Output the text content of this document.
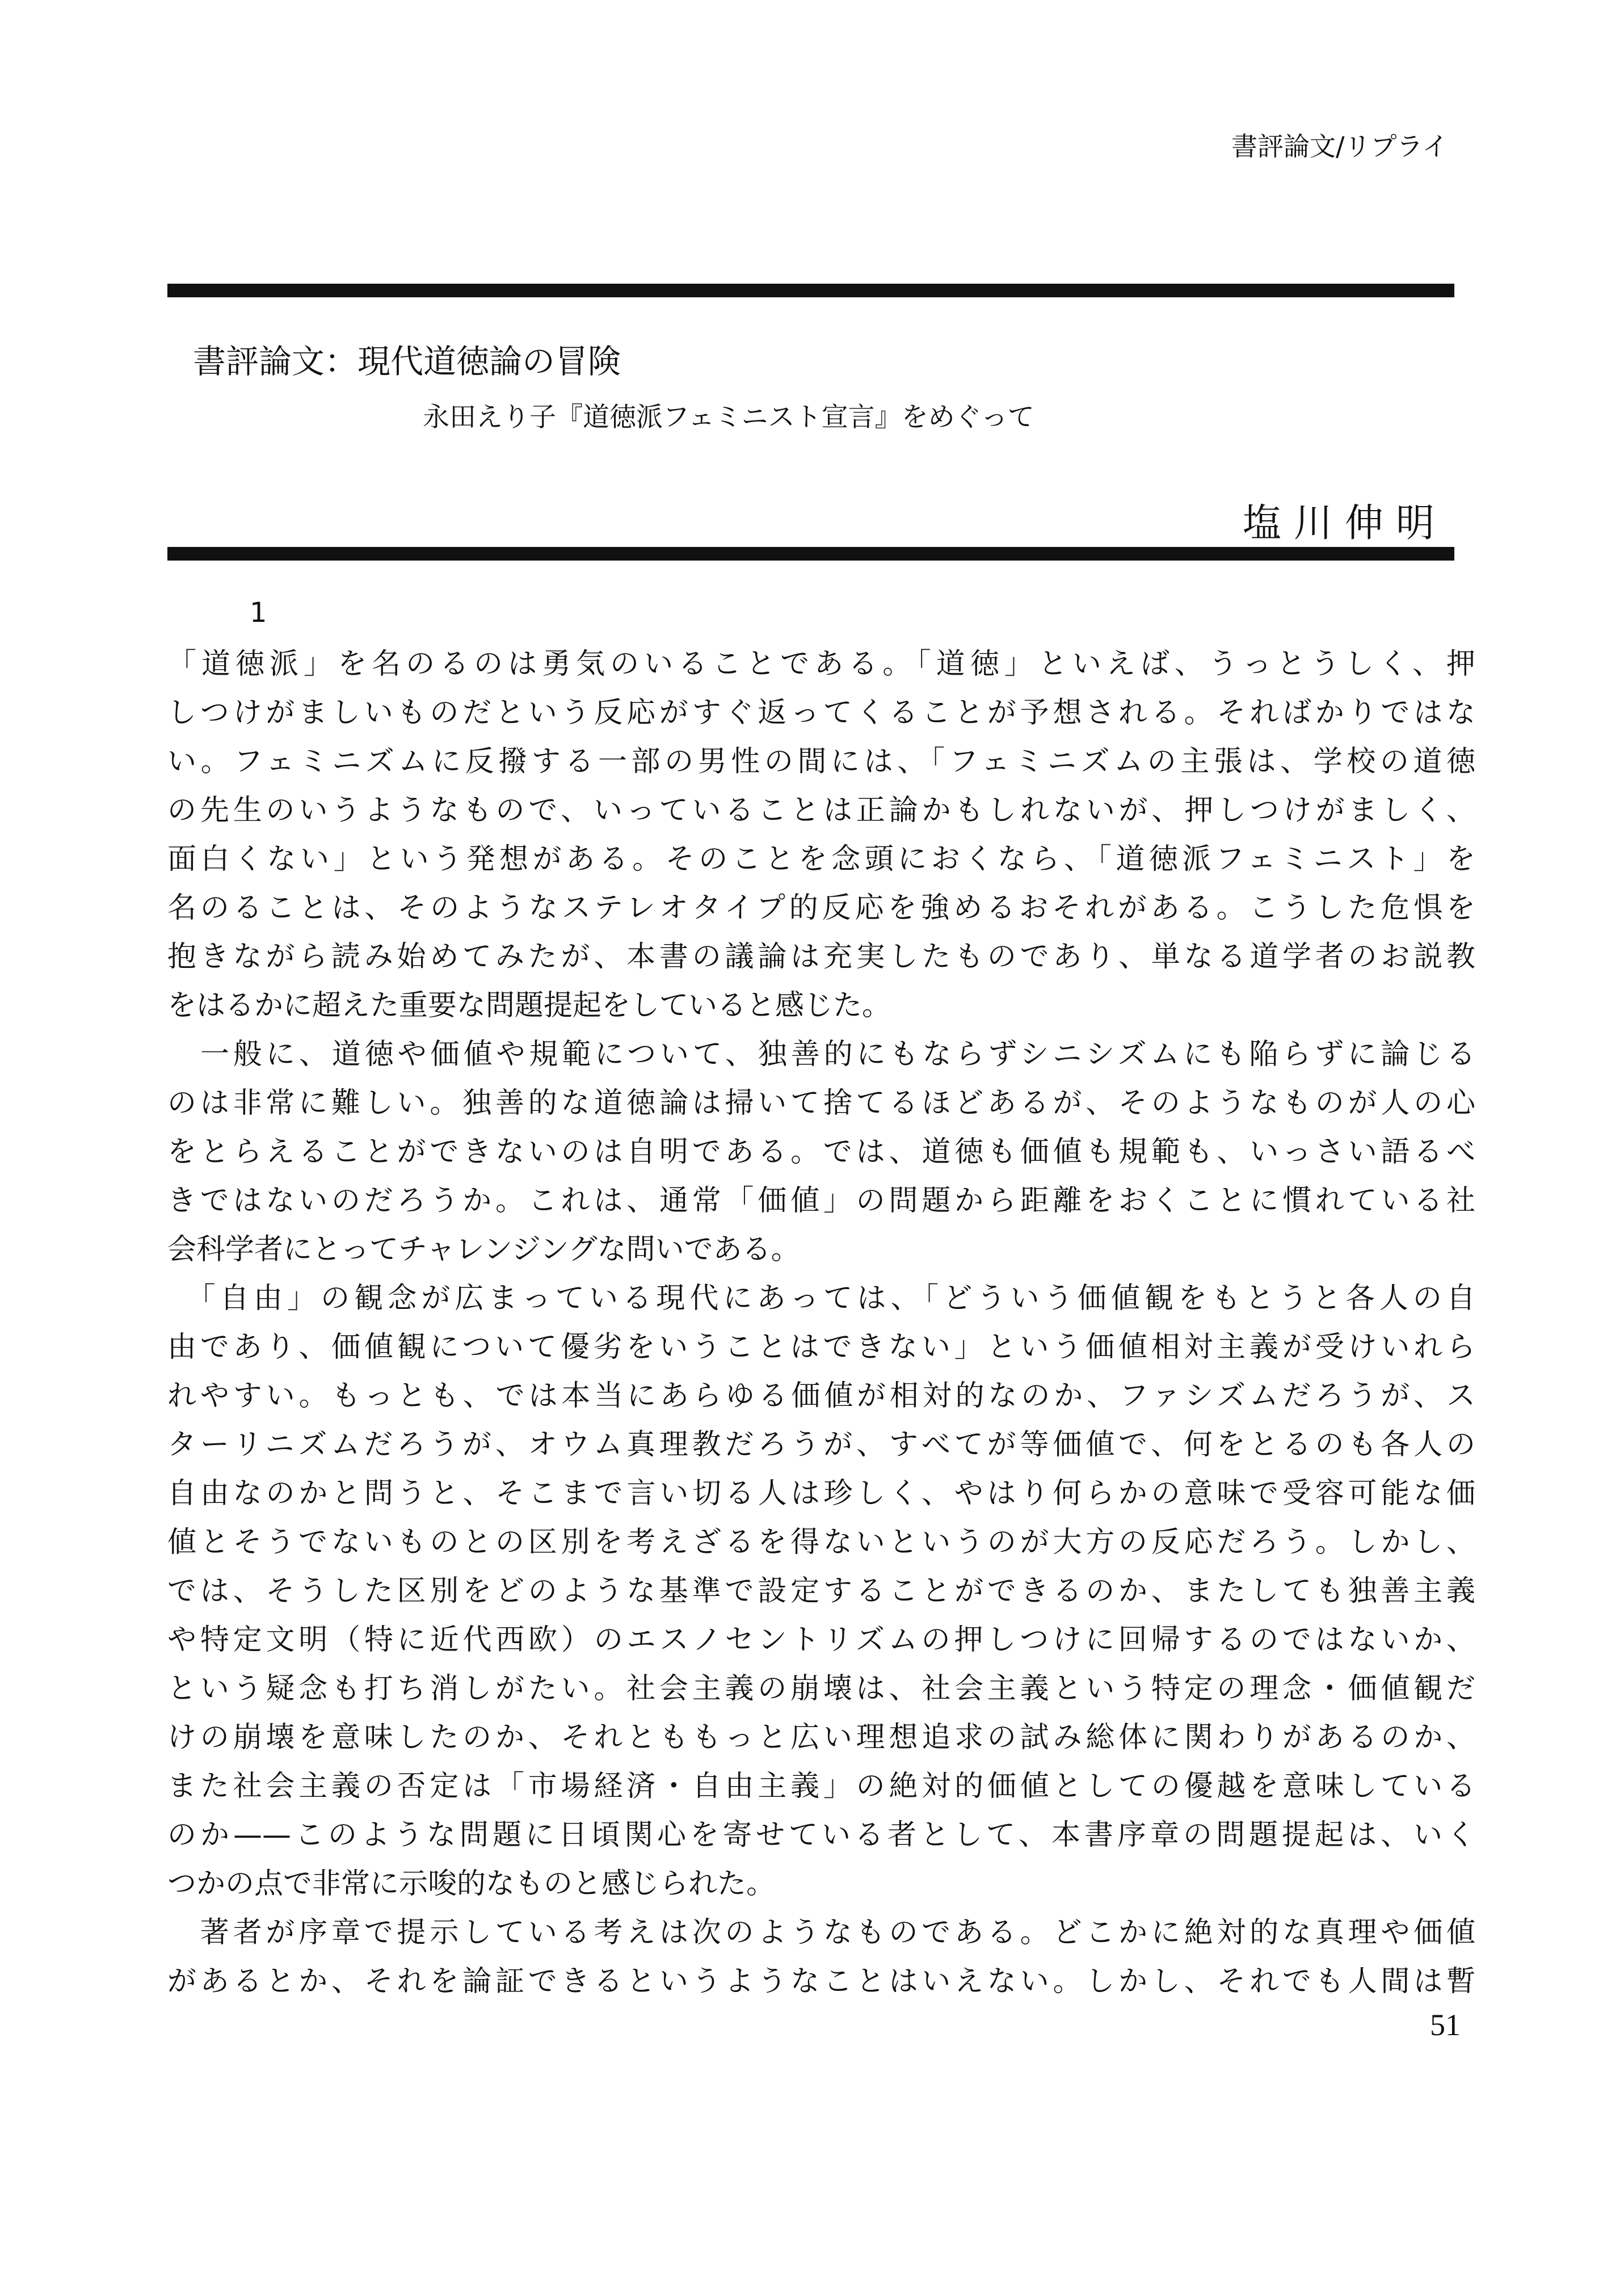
書評論文/リプライ
書評論文：現代道徳論の冒険
永田えり子『道徳派フェミニスト宣言』をめぐって
塩川伸明
1
「道徳派」を名のるのは勇気のいることである。「道徳」といえば、うっとうしく、押
しつけがましいものだという反応がすぐ返ってくることが予想される。そればかりではな
い。フェミニズムに反撥する一部の男性の間には、「フェミニズムの主張は、学校の道徳
の先生のいうようなもので、いっていることは正論かもしれないが、押しつけがましく、
面白くない」という発想がある。そのことを念頭におくなら、「道徳派フェミニスト」を
名のることは、そのようなステレオタイプ的反応を強めるおそれがある。こうした危惧を
抱きながら読み始めてみたが、本書の議論は充実したものであり、単なる道学者のお説教
をはるかに超えた重要な問題提起をしていると感じた。
　一般に、道徳や価値や規範について、独善的にもならずシニシズムにも陥らずに論じる
のは非常に難しい。独善的な道徳論は掃いて捨てるほどあるが、そのようなものが人の心
をとらえることができないのは自明である。では、道徳も価値も規範も、いっさい語るべ
きではないのだろうか。これは、通常「価値」の問題から距離をおくことに慣れている社
会科学者にとってチャレンジングな問いである。
　「自由」の観念が広まっている現代にあっては、「どういう価値観をもとうと各人の自
由であり、価値観について優劣をいうことはできない」という価値相対主義が受けいれら
れやすい。もっとも、では本当にあらゆる価値が相対的なのか、ファシズムだろうが、ス
ターリニズムだろうが、オウム真理教だろうが、すべてが等価値で、何をとるのも各人の
自由なのかと問うと、そこまで言い切る人は珍しく、やはり何らかの意味で受容可能な価
値とそうでないものとの区別を考えざるを得ないというのが大方の反応だろう。しかし、
では、そうした区別をどのような基準で設定することができるのか、またしても独善主義
や特定文明（特に近代西欧）のエスノセントリズムの押しつけに回帰するのではないか、
という疑念も打ち消しがたい。社会主義の崩壊は、社会主義という特定の理念・価値観だ
けの崩壊を意味したのか、それとももっと広い理想追求の試み総体に関わりがあるのか、
また社会主義の否定は「市場経済・自由主義」の絶対的価値としての優越を意味している
のか——このような問題に日頃関心を寄せている者として、本書序章の問題提起は、いく
つかの点で非常に示唆的なものと感じられた。
　著者が序章で提示している考えは次のようなものである。どこかに絶対的な真理や価値
があるとか、それを論証できるというようなことはいえない。しかし、それでも人間は暫
51
